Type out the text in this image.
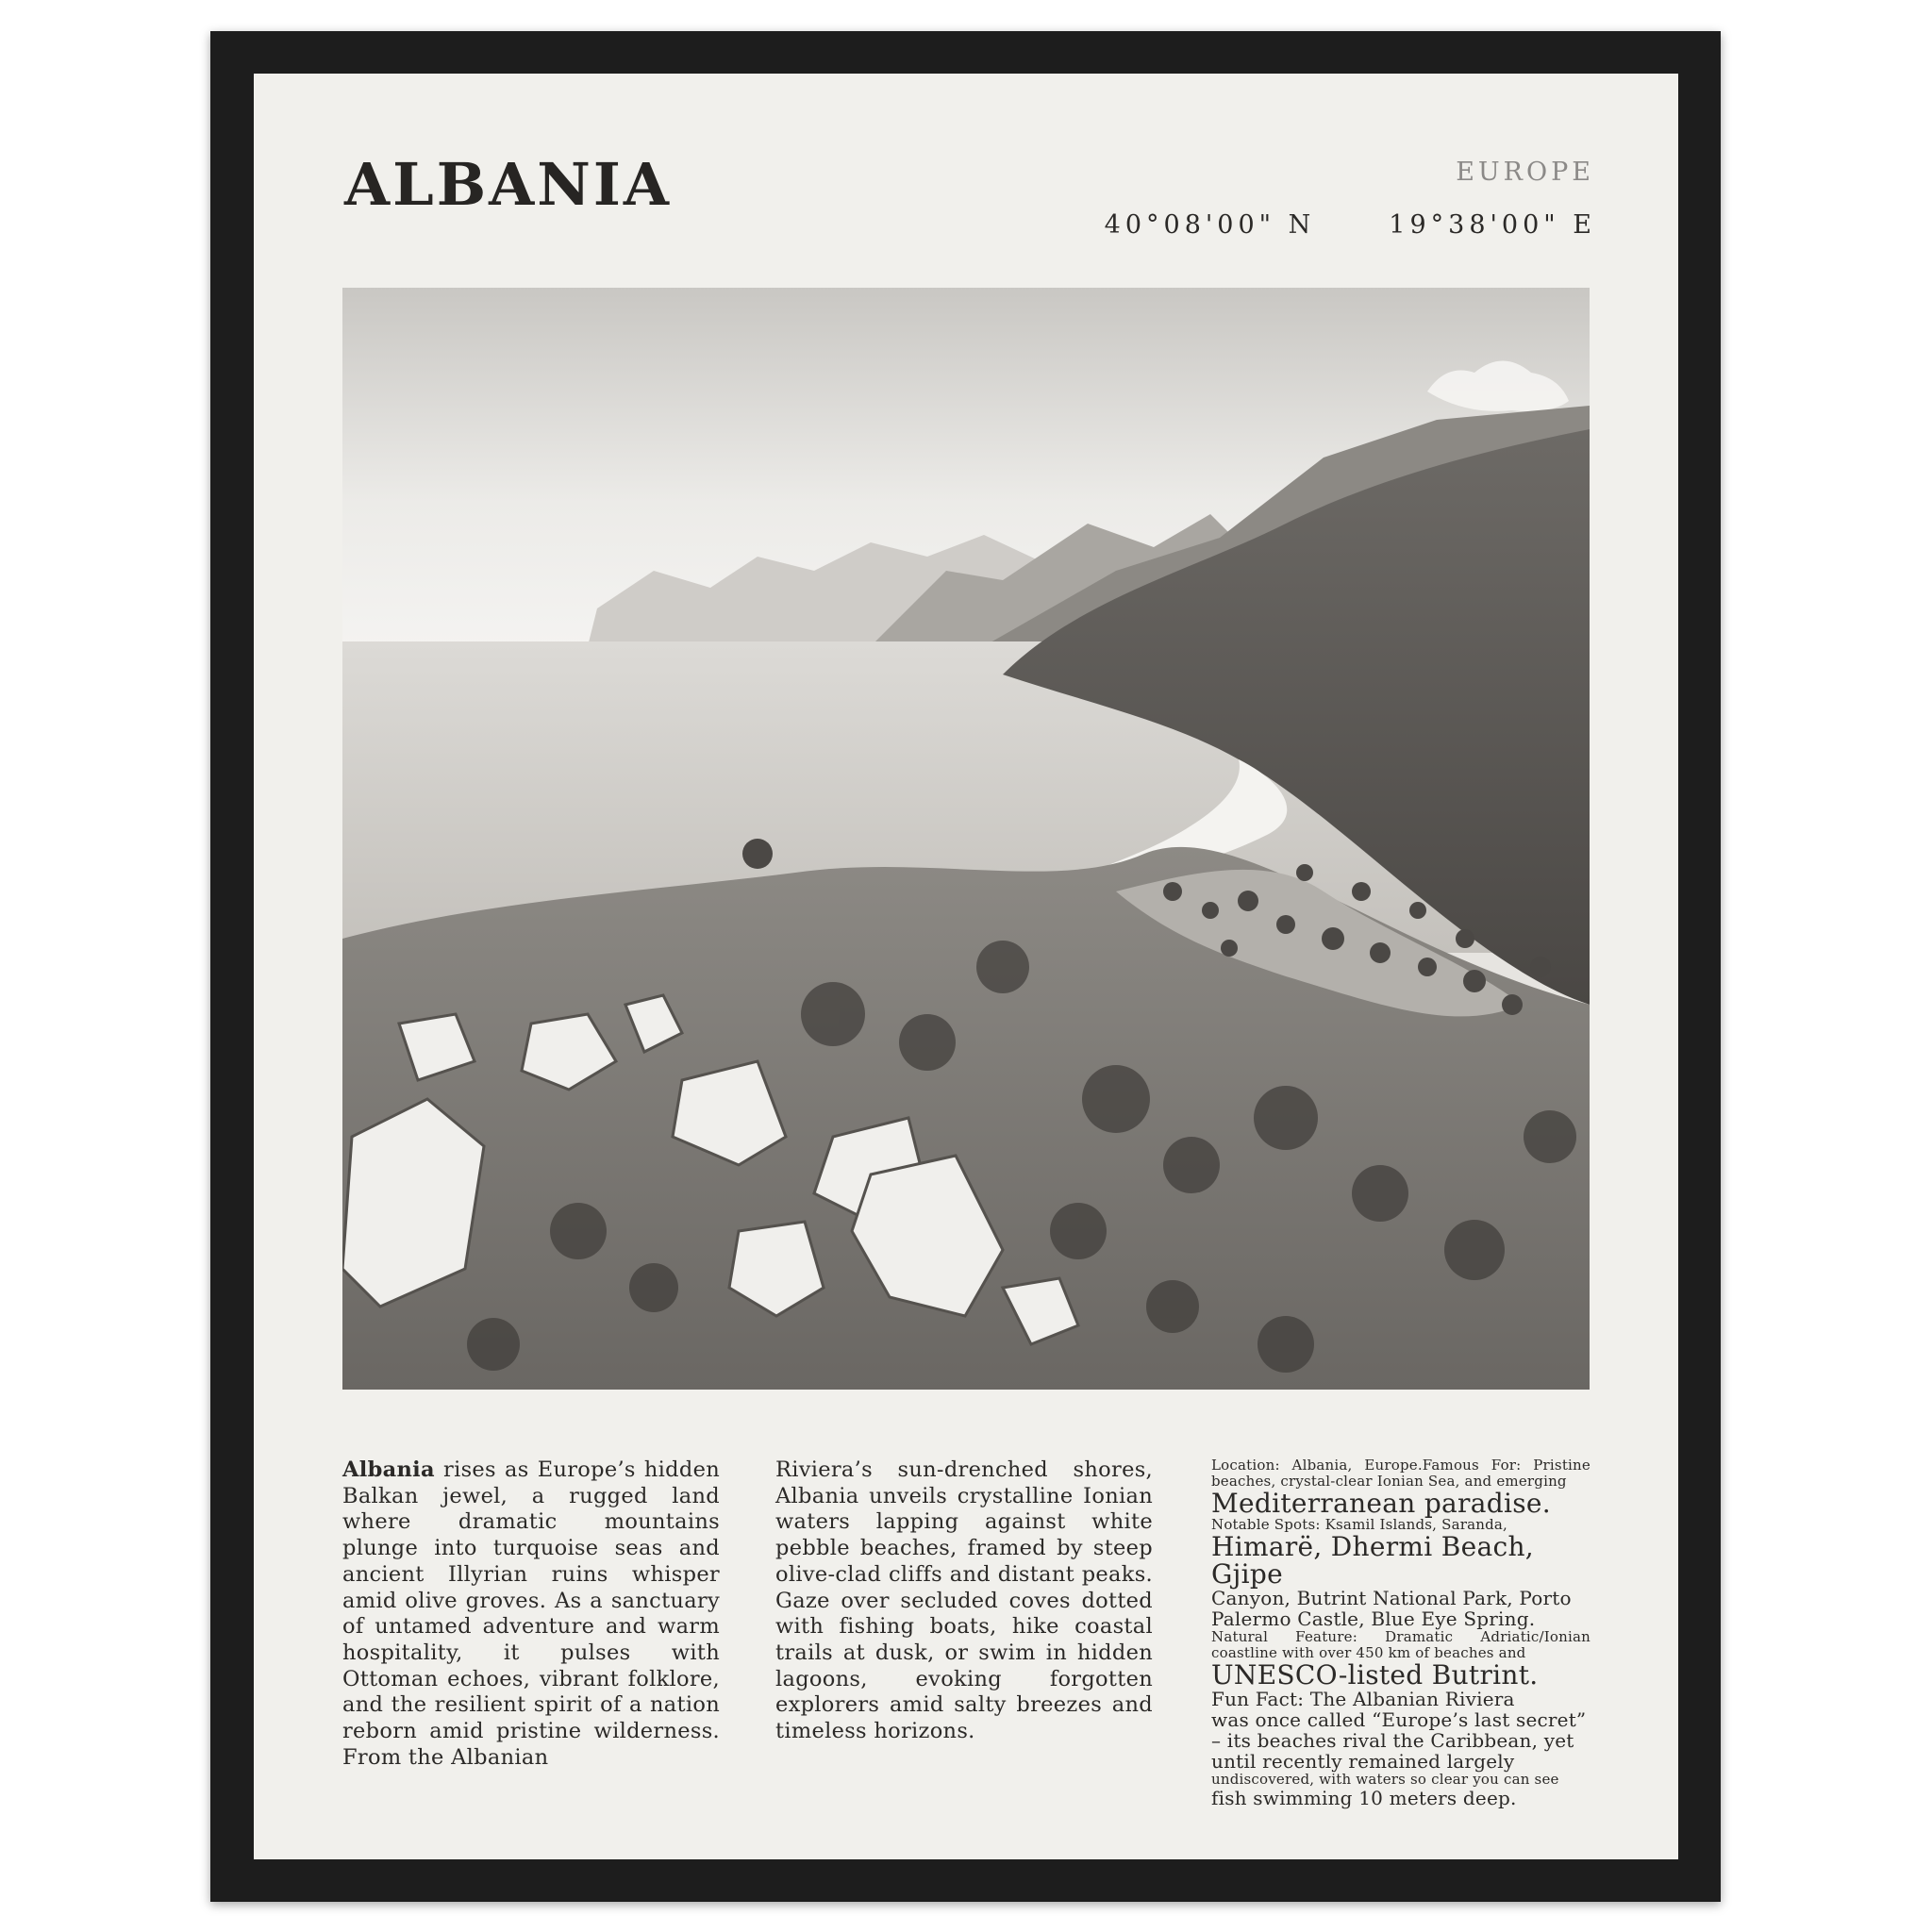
ALBANIA	EUROPE
40°08'00" N	19°38'00" E
Albania rises as Europe’s hidden Balkan jewel, a rugged land where dramatic mountains plunge into turquoise seas and ancient Illyrian ruins whisper amid olive groves. As a sanctuary of untamed adventure and warm hospitality, it pulses with Ottoman echoes, vibrant folklore, and the resilient spirit of a nation reborn amid pristine wilderness. From the Albanian
Riviera’s sun-drenched shores, Albania unveils crystalline Ionian waters lapping against white pebble beaches, framed by steep olive-clad cliffs and distant peaks. Gaze over secluded coves dotted with fishing boats, hike coastal trails at dusk, or swim in hidden lagoons, evoking forgotten explorers amid salty breezes and timeless horizons.
Location: Albania, Europe.Famous For: Pristine beaches, crystal-clear Ionian Sea, and emerging
Mediterranean paradise.
Notable Spots: Ksamil Islands, Saranda,
Himarë, Dhermi Beach, Gjipe
Canyon, Butrint National Park, Porto Palermo Castle, Blue Eye Spring.
Natural Feature: Dramatic Adriatic/Ionian coastline with over 450 km of beaches and
UNESCO-listed Butrint.
Fun Fact: The Albanian Riviera
was once called “Europe’s last secret” – its beaches rival the Caribbean, yet until recently remained largely
undiscovered, with waters so clear you can see
fish swimming 10 meters deep.
